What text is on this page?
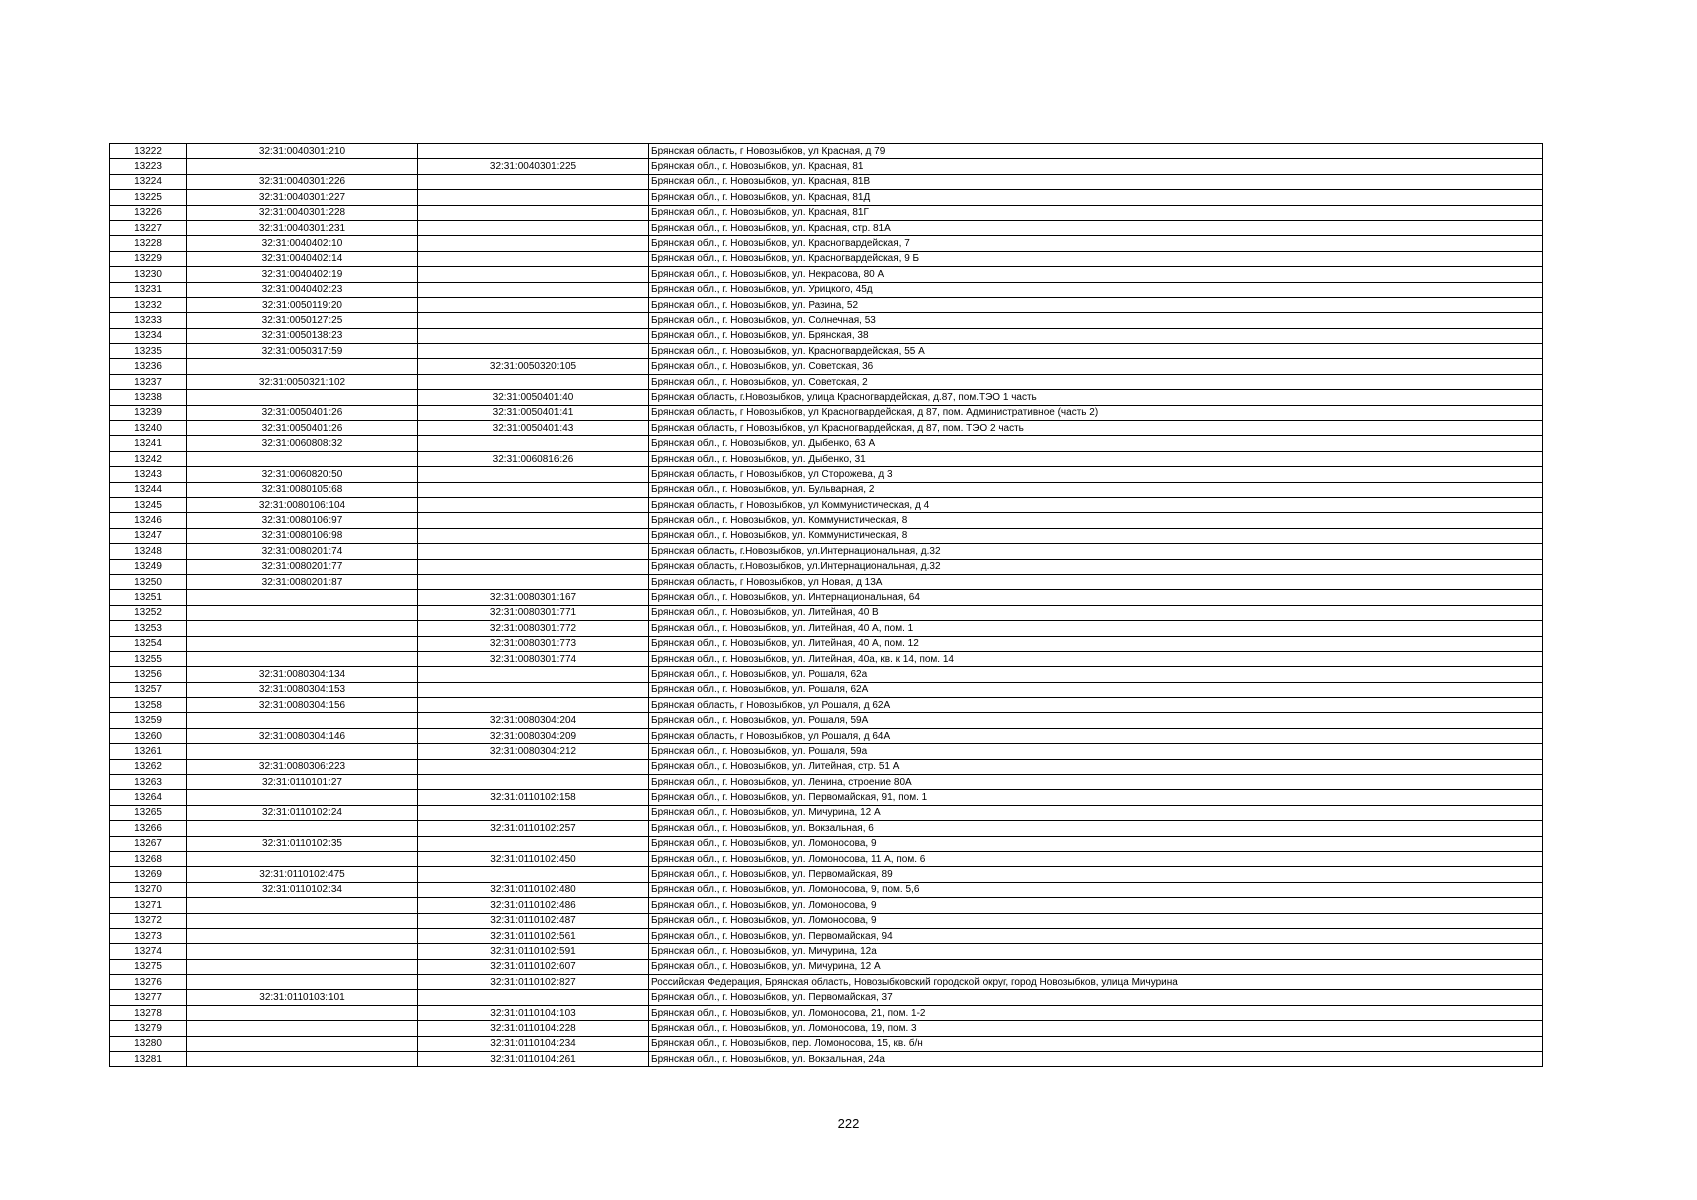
13222	32:31:0040301:210		Брянская область, г Новозыбков, ул Красная, д 79
13223		32:31:0040301:225	Брянская обл., г. Новозыбков, ул. Красная, 81
13224	32:31:0040301:226		Брянская обл., г. Новозыбков, ул. Красная, 81В
13225	32:31:0040301:227		Брянская обл., г. Новозыбков, ул. Красная, 81Д
13226	32:31:0040301:228		Брянская обл., г. Новозыбков, ул. Красная, 81Г
13227	32:31:0040301:231		Брянская обл., г. Новозыбков, ул. Красная, стр. 81А
13228	32:31:0040402:10		Брянская обл., г. Новозыбков, ул. Красногвардейская, 7
13229	32:31:0040402:14		Брянская обл., г. Новозыбков, ул. Красногвардейская, 9 Б
13230	32:31:0040402:19		Брянская обл., г. Новозыбков, ул. Некрасова, 80 А
13231	32:31:0040402:23		Брянская обл., г. Новозыбков, ул. Урицкого, 45д
13232	32:31:0050119:20		Брянская обл., г. Новозыбков, ул. Разина, 52
13233	32:31:0050127:25		Брянская обл., г. Новозыбков, ул. Солнечная, 53
13234	32:31:0050138:23		Брянская обл., г. Новозыбков, ул. Брянская, 38
13235	32:31:0050317:59		Брянская обл., г. Новозыбков, ул. Красногвардейская, 55 А
13236		32:31:0050320:105	Брянская обл., г. Новозыбков, ул. Советская, 36
13237	32:31:0050321:102		Брянская обл., г. Новозыбков, ул. Советская, 2
13238		32:31:0050401:40	Брянская область, г.Новозыбков, улица Красногвардейская, д.87, пом.ТЭО 1 часть
13239	32:31:0050401:26	32:31:0050401:41	Брянская область, г Новозыбков, ул Красногвардейская, д 87, пом. Административное (часть 2)
13240	32:31:0050401:26	32:31:0050401:43	Брянская область, г Новозыбков, ул Красногвардейская, д 87, пом. ТЭО 2 часть
13241	32:31:0060808:32		Брянская обл., г. Новозыбков, ул. Дыбенко, 63 А
13242		32:31:0060816:26	Брянская обл., г. Новозыбков, ул. Дыбенко, 31
13243	32:31:0060820:50		Брянская область, г Новозыбков, ул Сторожева, д 3
13244	32:31:0080105:68		Брянская обл., г. Новозыбков, ул. Бульварная, 2
13245	32:31:0080106:104		Брянская область, г Новозыбков, ул Коммунистическая, д 4
13246	32:31:0080106:97		Брянская обл., г. Новозыбков, ул. Коммунистическая, 8
13247	32:31:0080106:98		Брянская обл., г. Новозыбков, ул. Коммунистическая, 8
13248	32:31:0080201:74		Брянская область, г.Новозыбков, ул.Интернациональная, д.32
13249	32:31:0080201:77		Брянская область, г.Новозыбков, ул.Интернациональная, д.32
13250	32:31:0080201:87		Брянская область, г Новозыбков, ул Новая, д 13А
13251		32:31:0080301:167	Брянская обл., г. Новозыбков, ул. Интернациональная, 64
13252		32:31:0080301:771	Брянская обл., г. Новозыбков, ул. Литейная, 40 В
13253		32:31:0080301:772	Брянская обл., г. Новозыбков, ул. Литейная, 40 А, пом. 1
13254		32:31:0080301:773	Брянская обл., г. Новозыбков, ул. Литейная, 40 А, пом. 12
13255		32:31:0080301:774	Брянская обл., г. Новозыбков, ул. Литейная, 40а, кв. к 14, пом. 14
13256	32:31:0080304:134		Брянская обл., г. Новозыбков, ул. Рошаля, 62а
13257	32:31:0080304:153		Брянская обл., г. Новозыбков, ул. Рошаля, 62А
13258	32:31:0080304:156		Брянская область, г Новозыбков, ул Рошаля, д 62А
13259		32:31:0080304:204	Брянская обл., г. Новозыбков, ул. Рошаля, 59А
13260	32:31:0080304:146	32:31:0080304:209	Брянская область, г Новозыбков, ул Рошаля, д 64А
13261		32:31:0080304:212	Брянская обл., г. Новозыбков, ул. Рошаля, 59а
13262	32:31:0080306:223		Брянская обл., г. Новозыбков, ул. Литейная, стр. 51 А
13263	32:31:0110101:27		Брянская обл., г. Новозыбков, ул. Ленина, строение 80А
13264		32:31:0110102:158	Брянская обл., г. Новозыбков, ул. Первомайская, 91, пом. 1
13265	32:31:0110102:24		Брянская обл., г. Новозыбков, ул. Мичурина, 12 А
13266		32:31:0110102:257	Брянская обл., г. Новозыбков, ул. Вокзальная, 6
13267	32:31:0110102:35		Брянская обл., г. Новозыбков, ул. Ломоносова, 9
13268		32:31:0110102:450	Брянская обл., г. Новозыбков, ул. Ломоносова, 11 А, пом. 6
13269	32:31:0110102:475		Брянская обл., г. Новозыбков, ул. Первомайская, 89
13270	32:31:0110102:34	32:31:0110102:480	Брянская обл., г. Новозыбков, ул. Ломоносова, 9, пом. 5,6
13271		32:31:0110102:486	Брянская обл., г. Новозыбков, ул. Ломоносова, 9
13272		32:31:0110102:487	Брянская обл., г. Новозыбков, ул. Ломоносова, 9
13273		32:31:0110102:561	Брянская обл., г. Новозыбков, ул. Первомайская, 94
13274		32:31:0110102:591	Брянская обл., г. Новозыбков, ул. Мичурина, 12а
13275		32:31:0110102:607	Брянская обл., г. Новозыбков, ул. Мичурина, 12 А
13276		32:31:0110102:827	Российская Федерация, Брянская область, Новозыбковский городской округ, город Новозыбков, улица Мичурина
13277	32:31:0110103:101		Брянская обл., г. Новозыбков, ул. Первомайская, 37
13278		32:31:0110104:103	Брянская обл., г. Новозыбков, ул. Ломоносова, 21, пом. 1-2
13279		32:31:0110104:228	Брянская обл., г. Новозыбков, ул. Ломоносова, 19, пом. 3
13280		32:31:0110104:234	Брянская обл., г. Новозыбков, пер. Ломоносова, 15, кв. б/н
13281		32:31:0110104:261	Брянская обл., г. Новозыбков, ул. Вокзальная, 24а
222
